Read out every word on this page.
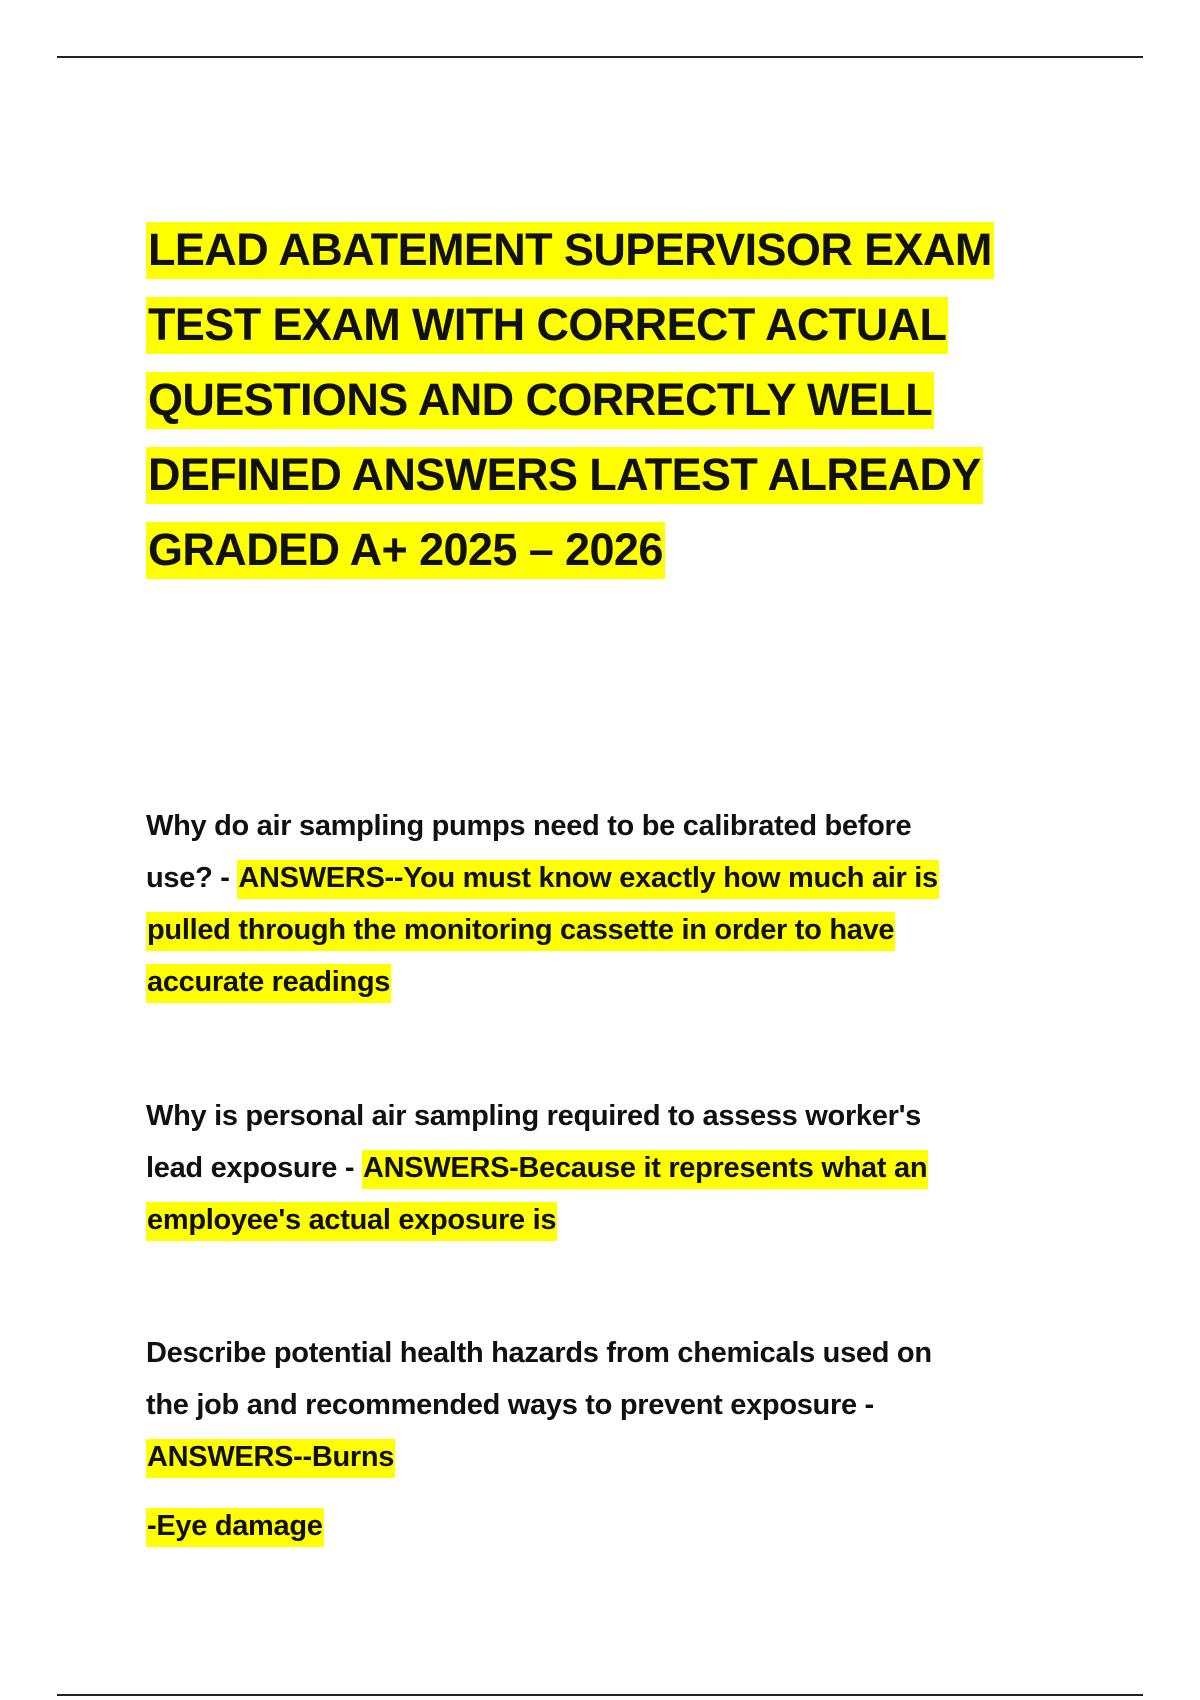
LEAD ABATEMENT SUPERVISOR EXAM
TEST EXAM WITH CORRECT ACTUAL
QUESTIONS AND CORRECTLY WELL
DEFINED ANSWERS LATEST ALREADY
GRADED A+ 2025 – 2026
Why do air sampling pumps need to be calibrated before
use? - ANSWERS--You must know exactly how much air is
pulled through the monitoring cassette in order to have
accurate readings
Why is personal air sampling required to assess worker's
lead exposure - ANSWERS-Because it represents what an
employee's actual exposure is
Describe potential health hazards from chemicals used on
the job and recommended ways to prevent exposure -
ANSWERS--Burns
-Eye damage
